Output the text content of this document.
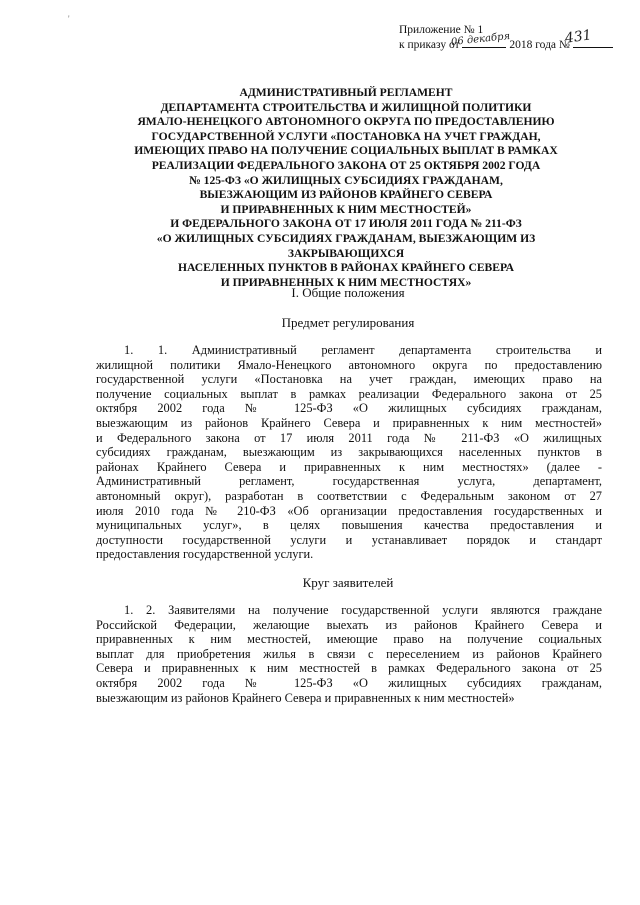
'
Приложение № 1
к приказу от	2018 года №
06 декабря	431
АДМИНИСТРАТИВНЫЙ РЕГЛАМЕНТ
ДЕПАРТАМЕНТА СТРОИТЕЛЬСТВА И ЖИЛИЩНОЙ ПОЛИТИКИ
ЯМАЛО-НЕНЕЦКОГО АВТОНОМНОГО ОКРУГА ПО ПРЕДОСТАВЛЕНИЮ
ГОСУДАРСТВЕННОЙ УСЛУГИ «ПОСТАНОВКА НА УЧЕТ ГРАЖДАН,
ИМЕЮЩИХ ПРАВО НА ПОЛУЧЕНИЕ СОЦИАЛЬНЫХ ВЫПЛАТ В РАМКАХ
РЕАЛИЗАЦИИ ФЕДЕРАЛЬНОГО ЗАКОНА ОТ 25 ОКТЯБРЯ 2002 ГОДА
№ 125-ФЗ «О ЖИЛИЩНЫХ СУБСИДИЯХ ГРАЖДАНАМ,
ВЫЕЗЖАЮЩИМ ИЗ РАЙОНОВ КРАЙНЕГО СЕВЕРА
И ПРИРАВНЕННЫХ К НИМ МЕСТНОСТЕЙ»
И ФЕДЕРАЛЬНОГО ЗАКОНА ОТ 17 ИЮЛЯ 2011 ГОДА № 211-ФЗ
«О ЖИЛИЩНЫХ СУБСИДИЯХ ГРАЖДАНАМ, ВЫЕЗЖАЮЩИМ ИЗ
ЗАКРЫВАЮЩИХСЯ
НАСЕЛЕННЫХ ПУНКТОВ В РАЙОНАХ КРАЙНЕГО СЕВЕРА
И ПРИРАВНЕННЫХ К НИМ МЕСТНОСТЯХ»
I. Общие положения
Предмет регулирования
1. 1. Административный регламент департамента строительства и
жилищной политики Ямало-Ненецкого автономного округа по предоставлению
государственной услуги «Постановка на учет граждан, имеющих право на
получение социальных выплат в рамках реализации Федерального закона от 25
октября 2002 года № 125-ФЗ «О жилищных субсидиях гражданам,
выезжающим из районов Крайнего Севера и приравненных к ним местностей»
и Федерального закона от 17 июля 2011 года № 211-ФЗ «О жилищных
субсидиях гражданам, выезжающим из закрывающихся населенных пунктов в
районах Крайнего Севера и приравненных к ним местностях» (далее -
Административный регламент, государственная услуга, департамент,
автономный округ), разработан в соответствии с Федеральным законом от 27
июля 2010 года № 210-ФЗ «Об организации предоставления государственных и
муниципальных услуг», в целях повышения качества предоставления и
доступности государственной услуги и устанавливает порядок и стандарт
предоставления государственной услуги.
Круг заявителей
1. 2. Заявителями на получение государственной услуги являются граждане
Российской Федерации, желающие выехать из районов Крайнего Севера и
приравненных к ним местностей, имеющие право на получение социальных
выплат для приобретения жилья в связи с переселением из районов Крайнего
Севера и приравненных к ним местностей в рамках Федерального закона от 25
октября 2002 года № 125-ФЗ «О жилищных субсидиях гражданам,
выезжающим из районов Крайнего Севера и приравненных к ним местностей»
